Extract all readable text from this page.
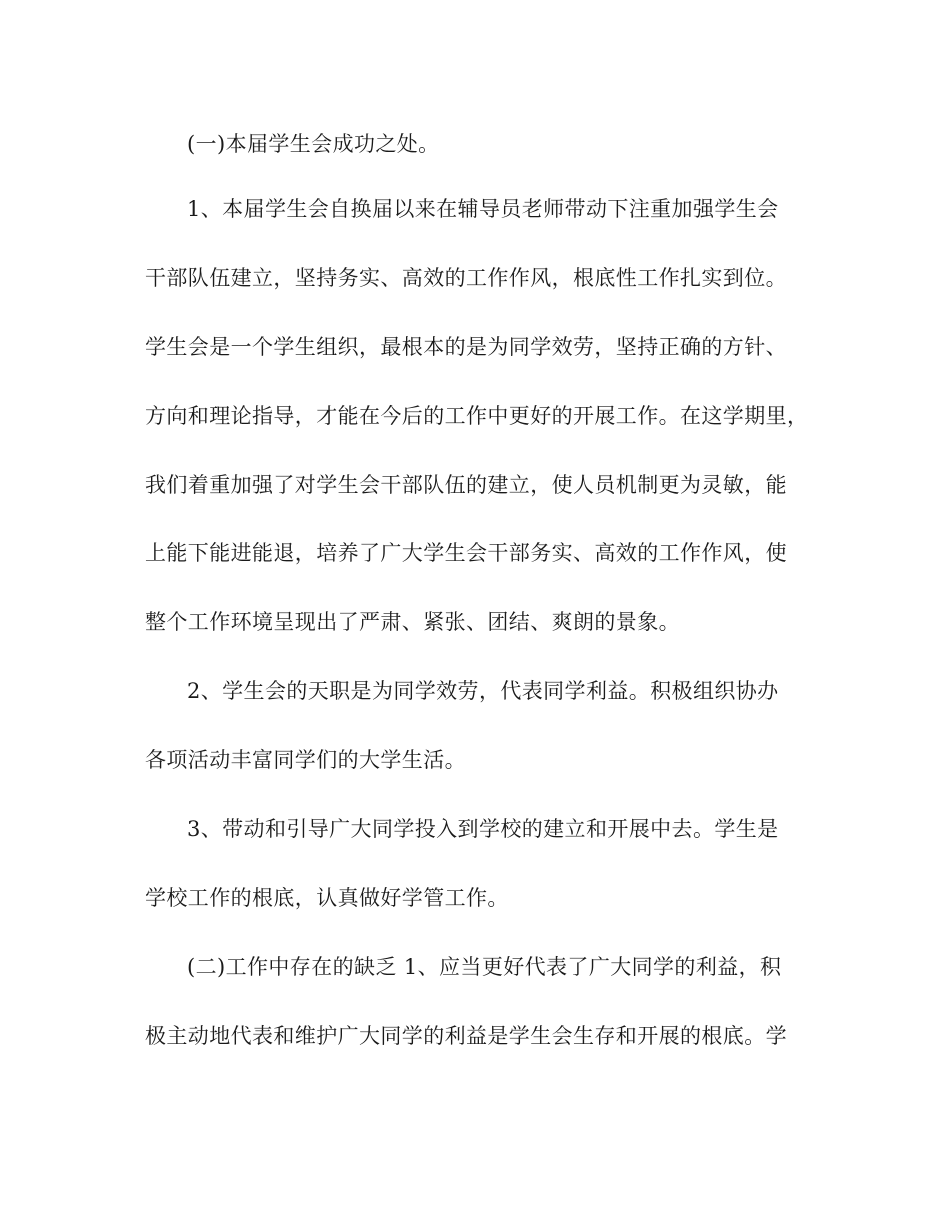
(一)本届学生会成功之处。
1、本届学生会自换届以来在辅导员老师带动下注重加强学生会
干部队伍建立，坚持务实、高效的工作作风，根底性工作扎实到位。
学生会是一个学生组织，最根本的是为同学效劳，坚持正确的方针、
方向和理论指导，才能在今后的工作中更好的开展工作。在这学期里，
我们着重加强了对学生会干部队伍的建立，使人员机制更为灵敏，能
上能下能进能退，培养了广大学生会干部务实、高效的工作作风，使
整个工作环境呈现出了严肃、紧张、团结、爽朗的景象。
2、学生会的天职是为同学效劳，代表同学利益。积极组织协办
各项活动丰富同学们的大学生活。
3、带动和引导广大同学投入到学校的建立和开展中去。学生是
学校工作的根底，认真做好学管工作。
(二)工作中存在的缺乏 1、应当更好代表了广大同学的利益，积
极主动地代表和维护广大同学的利益是学生会生存和开展的根底。学
